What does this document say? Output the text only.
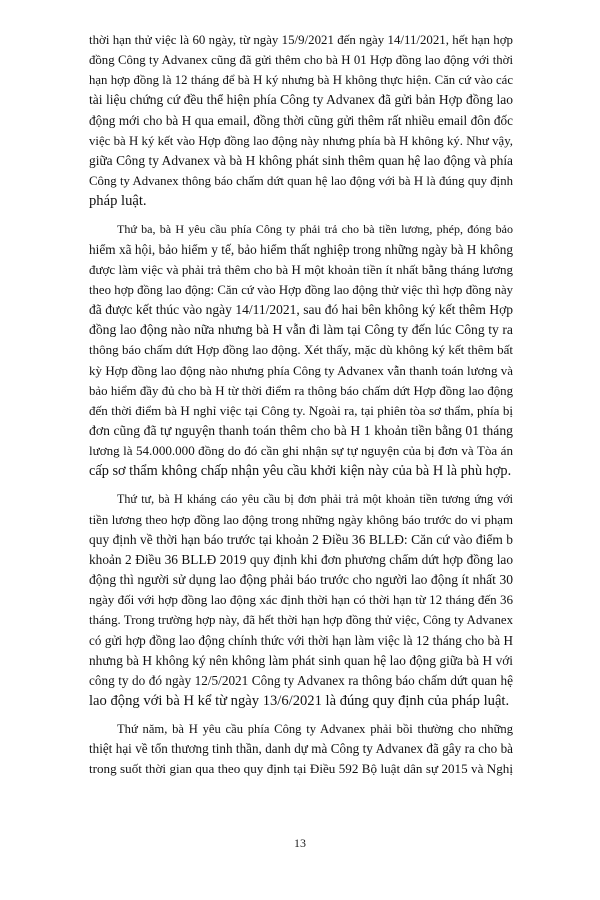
thời hạn thử việc là 60 ngày, từ ngày 15/9/2021 đến ngày 14/11/2021, hết hạn hợp
đồng Công ty Advanex cũng đã gửi thêm cho bà H 01 Hợp đồng lao động với thời
hạn hợp đồng là 12 tháng để bà H ký nhưng bà H không thực hiện. Căn cứ vào các
tài liệu chứng cứ đều thể hiện phía Công ty Advanex đã gửi bản Hợp đồng lao
động mới cho bà H qua email, đồng thời cũng gửi thêm rất nhiều email đôn đốc
việc bà H ký kết vào Hợp đồng lao động này nhưng phía bà H không ký. Như vậy,
giữa Công ty Advanex và bà H không phát sinh thêm quan hệ lao động và phía
Công ty Advanex thông báo chấm dứt quan hệ lao động với bà H là đúng quy định
pháp luật.

Thứ ba, bà H yêu cầu phía Công ty phải trả cho bà tiền lương, phép, đóng bảo
hiểm xã hội, bảo hiểm y tế, bảo hiểm thất nghiệp trong những ngày bà H không
được làm việc và phải trả thêm cho bà H một khoản tiền ít nhất bằng tháng lương
theo hợp đồng lao động: Căn cứ vào Hợp đồng lao động thử việc thì hợp đồng này
đã được kết thúc vào ngày 14/11/2021, sau đó hai bên không ký kết thêm Hợp
đồng lao động nào nữa nhưng bà H vẫn đi làm tại Công ty đến lúc Công ty ra
thông báo chấm dứt Hợp đồng lao động. Xét thấy, mặc dù không ký kết thêm bất
kỳ Hợp đồng lao động nào nhưng phía Công ty Advanex vẫn thanh toán lương và
bảo hiểm đầy đủ cho bà H từ thời điểm ra thông báo chấm dứt Hợp đồng lao động
đến thời điểm bà H nghỉ việc tại Công ty. Ngoài ra, tại phiên tòa sơ thẩm, phía bị
đơn cũng đã tự nguyện thanh toán thêm cho bà H 1 khoản tiền bằng 01 tháng
lương là 54.000.000 đồng do đó cần ghi nhận sự tự nguyện của bị đơn và Tòa án
cấp sơ thẩm không chấp nhận yêu cầu khởi kiện này của bà H là phù hợp.

Thứ tư, bà H kháng cáo yêu cầu bị đơn phải trả một khoản tiền tương ứng với
tiền lương theo hợp đồng lao động trong những ngày không báo trước do vi phạm
quy định về thời hạn báo trước tại khoản 2 Điều 36 BLLĐ: Căn cứ vào điểm b
khoản 2 Điều 36 BLLĐ 2019 quy định khi đơn phương chấm dứt hợp đồng lao
động thì người sử dụng lao động phải báo trước cho người lao động ít nhất 30
ngày đối với hợp đồng lao động xác định thời hạn có thời hạn từ 12 tháng đến 36
tháng. Trong trường hợp này, đã hết thời hạn hợp đồng thử việc, Công ty Advanex
có gửi hợp đồng lao động chính thức với thời hạn làm việc là 12 tháng cho bà H
nhưng bà H không ký nên không làm phát sinh quan hệ lao động giữa bà H với
công ty do đó ngày 12/5/2021 Công ty Advanex ra thông báo chấm dứt quan hệ
lao động với bà H kể từ ngày 13/6/2021 là đúng quy định của pháp luật.

Thứ năm, bà H yêu cầu phía Công ty Advanex phải bồi thường cho những
thiệt hại về tổn thương tinh thần, danh dự mà Công ty Advanex đã gây ra cho bà
trong suốt thời gian qua theo quy định tại Điều 592 Bộ luật dân sự 2015 và Nghị

13
